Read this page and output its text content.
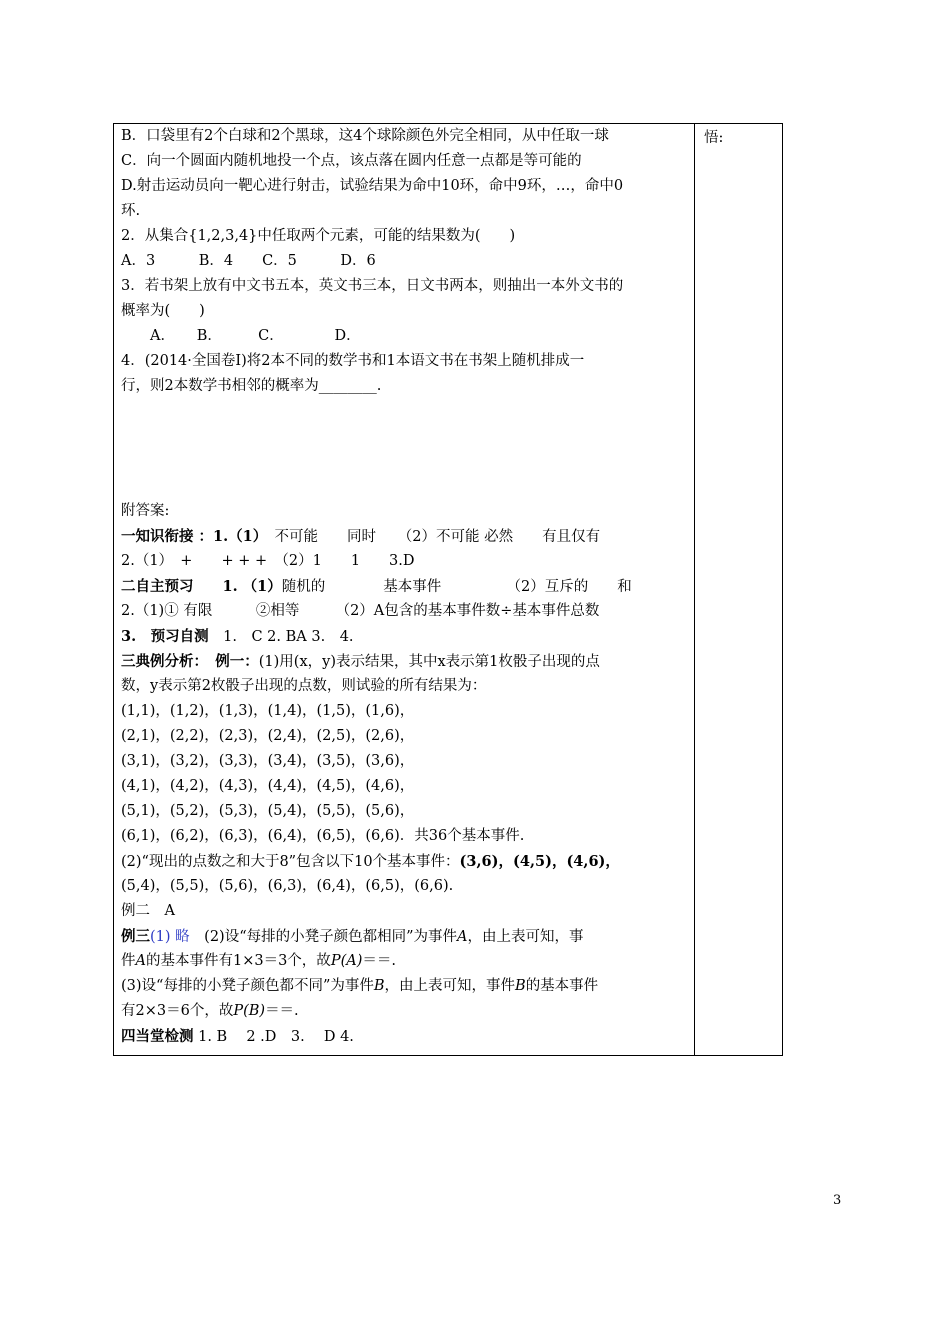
B．口袋里有2个白球和2个黑球，这4个球除颜色外完全相同，从中任取一球
C．向一个圆面内随机地投一个点，该点落在圆内任意一点都是等可能的
D.射击运动员向一靶心进行射击，试验结果为命中10环，命中9环，…，命中0
环.
2．从集合{1,2,3,4}中任取两个元素，可能的结果数为(　　)
A．3　　　B．4　　C．5　　　D．6
3．若书架上放有中文书五本，英文书三本，日文书两本，则抽出一本外文书的
概率为(　　)
　　A．　　B．　　　C．　　　　D．
4．(2014·全国卷Ⅰ)将2本不同的数学书和1本语文书在书架上随机排成一
行，则2本数学书相邻的概率为________.
附答案:
一知识衔接 ：1.（1）　不可能　　同时　　（2）不可能 必然　　有且仅有
2.（1）　+　　+ + +　（2）1　　1　　3.D
二自主预习　　1. （1）随机的　　　　基本事件　　　　　（2）互斥的　　和
2.（1)① 有限　　　②相等　　　（2）A包含的基本事件数÷基本事件总数
3.　预习自测　1.　C 2. BA 3.　4.
三典例分析：　例一：(1)用(x，y)表示结果，其中x表示第1枚骰子出现的点
数，y表示第2枚骰子出现的点数，则试验的所有结果为：
(1,1)，(1,2)，(1,3)，(1,4)，(1,5)，(1,6)，
(2,1)，(2,2)，(2,3)，(2,4)，(2,5)，(2,6)，
(3,1)，(3,2)，(3,3)，(3,4)，(3,5)，(3,6)，
(4,1)，(4,2)，(4,3)，(4,4)，(4,5)，(4,6)，
(5,1)，(5,2)，(5,3)，(5,4)，(5,5)，(5,6)，
(6,1)，(6,2)，(6,3)，(6,4)，(6,5)，(6,6)．共36个基本事件.
(2)“现出的点数之和大于8”包含以下10个基本事件：(3,6)，(4,5)，(4,6)，
(5,4)，(5,5)，(5,6)，(6,3)，(6,4)，(6,5)，(6,6).
例二　A
例三(1) 略　(2)设“每排的小凳子颜色都相同”为事件A，由上表可知，事
件A的基本事件有1×3＝3个，故P(A)＝＝.
(3)设“每排的小凳子颜色都不同”为事件B，由上表可知，事件B的基本事件
有2×3＝6个，故P(B)＝＝.
四当堂检测 1. B　 2 .D　3.　 D 4.
悟:
3
